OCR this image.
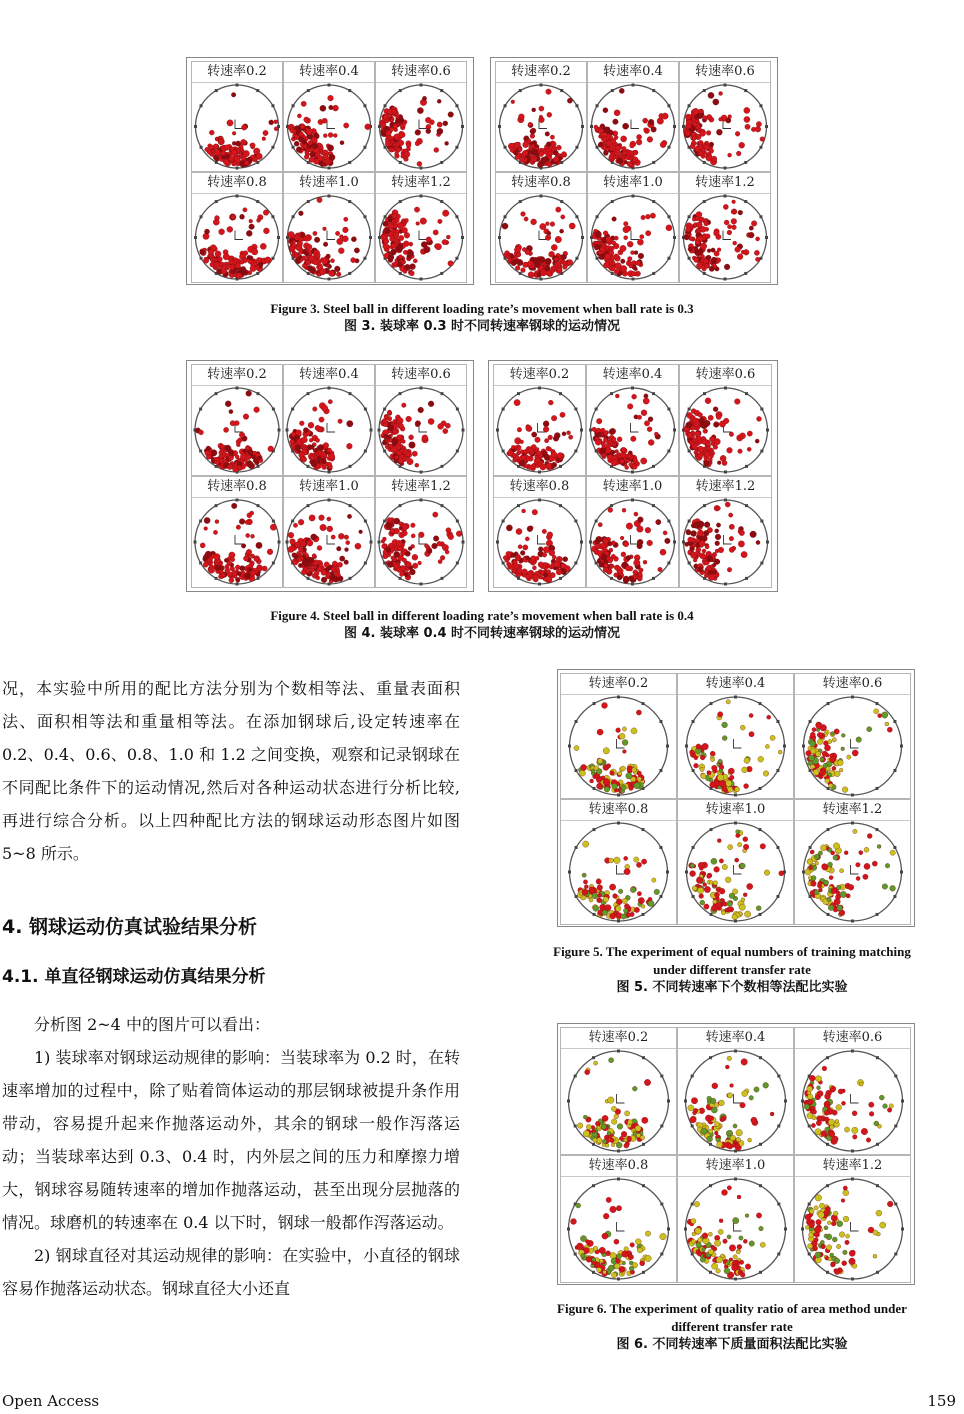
转速率0.2	转速率0.4	转速率0.6
转速率0.8	转速率1.0	转速率1.2
转速率0.2	转速率0.4	转速率0.6
转速率0.8	转速率1.0	转速率1.2
Figure 3. Steel ball in different loading rate’s movement when ball rate is 0.3
图 3. 装球率 0.3 时不同转速率钢球的运动情况
转速率0.2	转速率0.4	转速率0.6
转速率0.8	转速率1.0	转速率1.2
转速率0.2	转速率0.4	转速率0.6
转速率0.8	转速率1.0	转速率1.2
Figure 4. Steel ball in different loading rate’s movement when ball rate is 0.4
图 4. 装球率 0.4 时不同转速率钢球的运动情况
转速率0.2	转速率0.4	转速率0.6
转速率0.8	转速率1.0	转速率1.2
Figure 5. The experiment of equal numbers of training matching
under different transfer rate
图 5. 不同转速率下个数相等法配比实验
转速率0.2	转速率0.4	转速率0.6
转速率0.8	转速率1.0	转速率1.2
Figure 6. The experiment of quality ratio of area method under
different transfer rate
图 6. 不同转速率下质量面积法配比实验

况，本实验中所用的配比方法分别为个数相等法、重量表面积法、面积相等法和重量相等法。在添加钢球后,设定转速率在 0.2、0.4、0.6、0.8、1.0 和 1.2 之间变换，观察和记录钢球在不同配比条件下的运动情况,然后对各种运动状态进行分析比较,再进行综合分析。以上四种配比方法的钢球运动形态图片如图 5~8 所示。

4. 钢球运动仿真试验结果分析
4.1. 单直径钢球运动仿真结果分析

分析图 2~4 中的图片可以看出：

1) 装球率对钢球运动规律的影响：当装球率为 0.2 时，在转速率增加的过程中，除了贴着筒体运动的那层钢球被提升条作用带动，容易提升起来作抛落运动外，其余的钢球一般作泻落运动；当装球率达到 0.3、0.4 时，内外层之间的压力和摩擦力增大，钢球容易随转速率的增加作抛落运动，甚至出现分层抛落的情况。球磨机的转速率在 0.4 以下时，钢球一般都作泻落运动。

2) 钢球直径对其运动规律的影响：在实验中，小直径的钢球容易作抛落运动状态。钢球直径大小还直

Open Access	159
